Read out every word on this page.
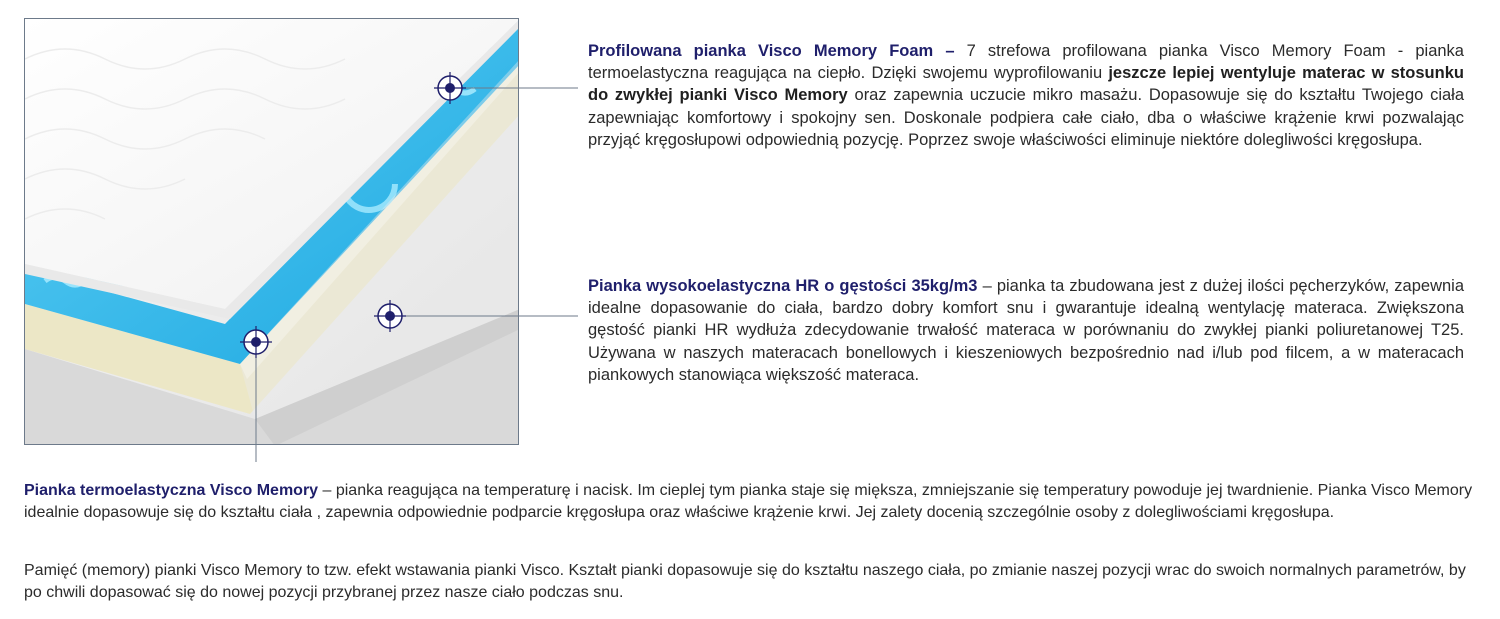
Profilowana pianka Visco Memory Foam – 7 strefowa profilowana pianka Visco Memory Foam - pianka termoelastyczna reagująca na ciepło. Dzięki swojemu wyprofilowaniu jeszcze lepiej wentyluje materac w stosunku do zwykłej pianki Visco Memory oraz zapewnia uczucie mikro masażu. Dopasowuje się do kształtu Twojego ciała zapewniając komfortowy i spokojny sen. Doskonale podpiera całe ciało, dba o właściwe krążenie krwi pozwalając przyjąć kręgosłupowi odpowiednią pozycję. Poprzez swoje właściwości eliminuje niektóre dolegliwości kręgosłupa.
Pianka wysokoelastyczna HR o gęstości 35kg/m3 – pianka ta zbudowana jest z dużej ilości pęcherzyków, zapewnia idealne dopasowanie do ciała, bardzo dobry komfort snu i gwarantuje idealną wentylację materaca. Zwiększona gęstość pianki HR wydłuża zdecydowanie trwałość materaca w porównaniu do zwykłej pianki poliuretanowej T25. Używana w naszych materacach bonellowych i kieszeniowych bezpośrednio nad i/lub pod filcem, a w materacach piankowych stanowiąca większość materaca.
Pianka termoelastyczna Visco Memory – pianka reagująca na temperaturę i nacisk. Im cieplej tym pianka staje się miększa, zmniejszanie się temperatury powoduje jej twardnienie. Pianka Visco Memory idealnie dopasowuje się do kształtu ciała , zapewnia odpowiednie podparcie kręgosłupa oraz właściwe krążenie krwi. Jej zalety docenią szczególnie osoby z dolegliwościami kręgosłupa.
Pamięć (memory) pianki Visco Memory to tzw. efekt wstawania pianki Visco. Kształt pianki dopasowuje się do kształtu naszego ciała, po zmianie naszej pozycji wrac do swoich normalnych parametrów, by po chwili dopasować się do nowej pozycji przybranej przez nasze ciało podczas snu.
